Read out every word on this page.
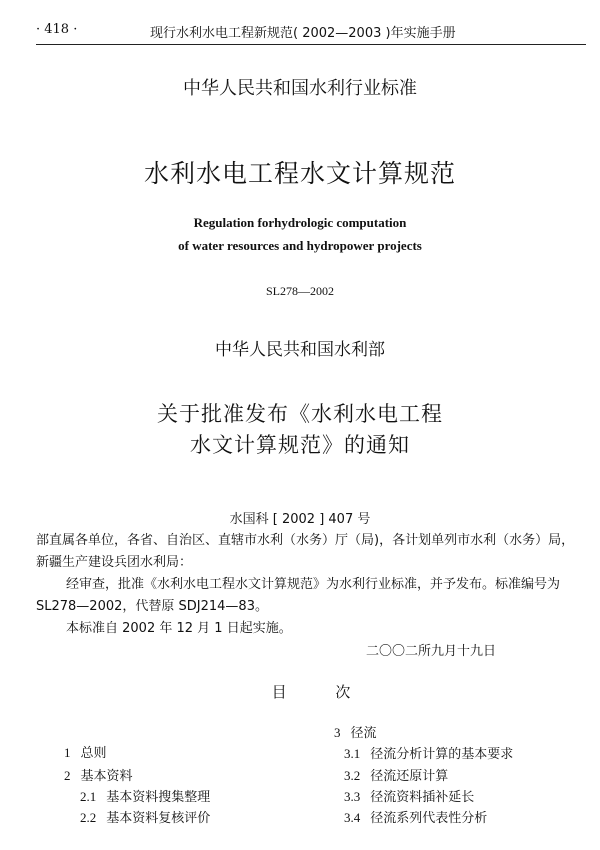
· 418 ·	现行水利水电工程新规范( 2002—2003 )年实施手册
中华人民共和国水利行业标准
水利水电工程水文计算规范
Regulation forhydrologic computation
of water resources and hydropower projects
SL278—2002
中华人民共和国水利部
关于批准发布《水利水电工程
水文计算规范》的通知
水国科 [ 2002 ] 407 号
部直属各单位，各省、自治区、直辖市水利（水务）厅（局)，各计划单列市水利（水务）局，新疆生产建设兵团水利局：
经审查，批准《水利水电工程水文计算规范》为水利行业标准，并予发布。标准编号为 SL278—2002，代替原 SDJ214—83。
本标准自 2002 年 12 月 1 日起实施。
二〇〇二所九月十九日
目 次
1 总则
2 基本资料
2.1 基本资料搜集整理
2.2 基本资料复核评价
3 径流
3.1 径流分析计算的基本要求
3.2 径流还原计算
3.3 径流资料插补延长
3.4 径流系列代表性分析
